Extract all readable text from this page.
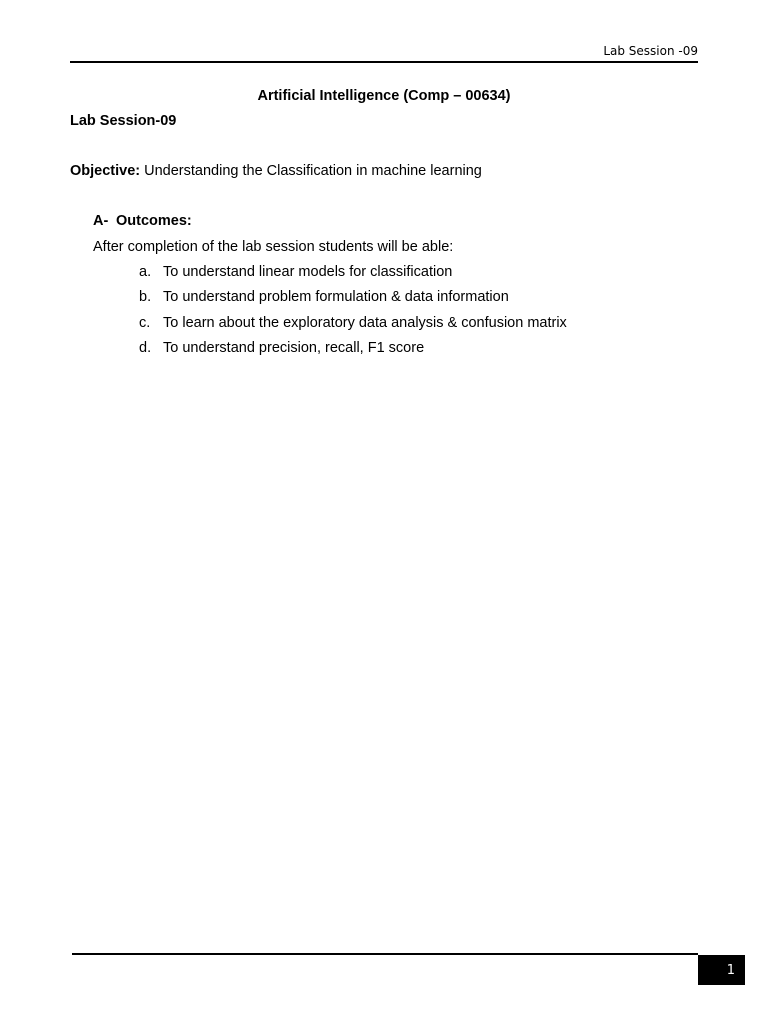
Lab Session -09
Artificial Intelligence (Comp – 00634)
Lab Session-09
Objective: Understanding the Classification in machine learning
A- Outcomes:
After completion of the lab session students will be able:
a. To understand linear models for classification
b. To understand problem formulation & data information
c. To learn about the exploratory data analysis & confusion matrix
d. To understand precision, recall, F1 score
1
